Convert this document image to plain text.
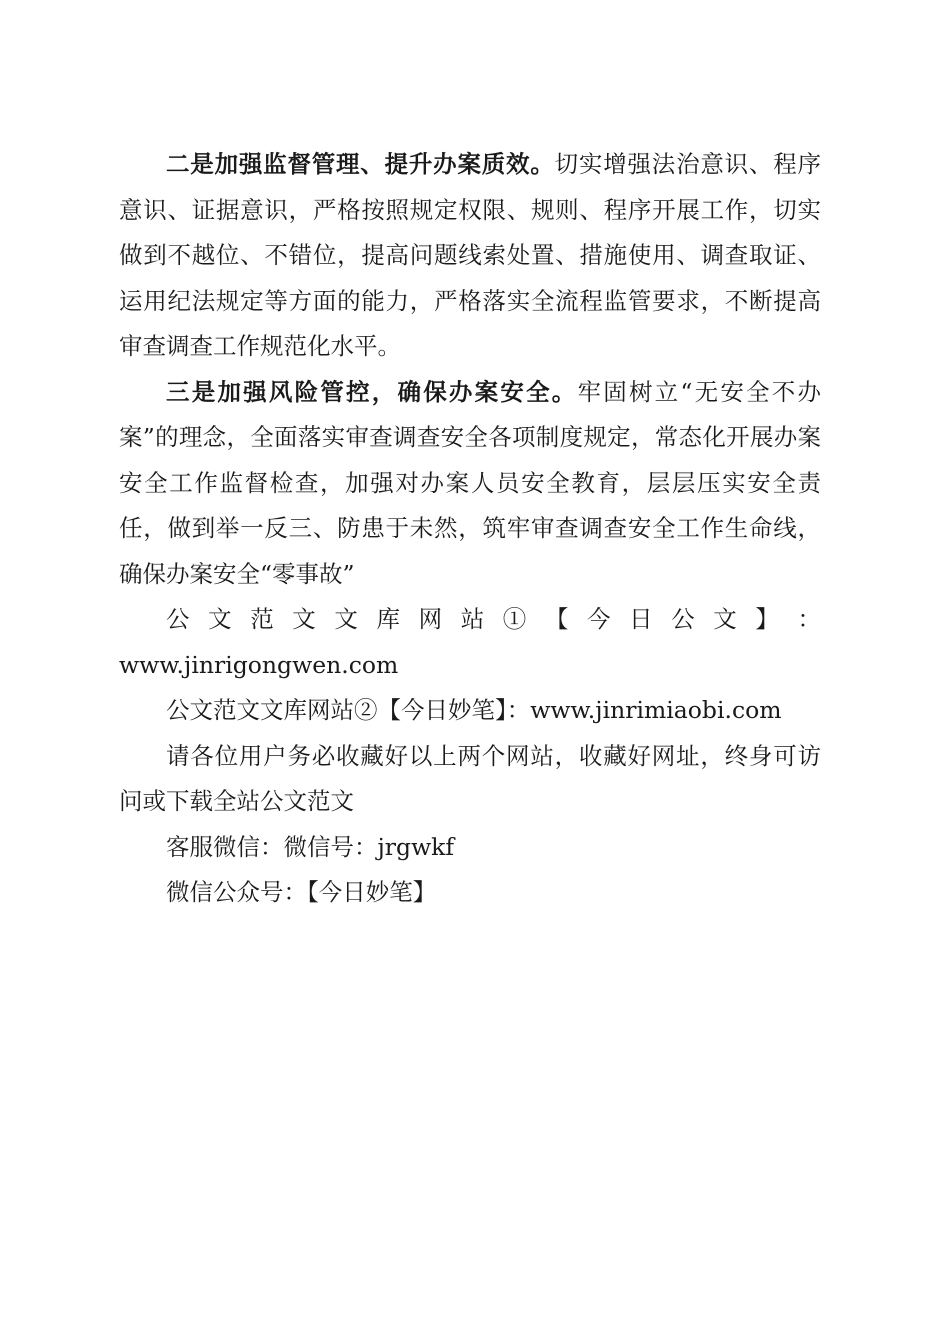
二是加强监督管理、提升办案质效。切实增强法治意识、程序意识、证据意识，严格按照规定权限、规则、程序开展工作，切实做到不越位、不错位，提高问题线索处置、措施使用、调查取证、运用纪法规定等方面的能力，严格落实全流程监管要求，不断提高审查调查工作规范化水平。

三是加强风险管控，确保办案安全。牢固树立“无安全不办案”的理念，全面落实审查调查安全各项制度规定，常态化开展办案安全工作监督检查，加强对办案人员安全教育，层层压实安全责任，做到举一反三、防患于未然，筑牢审查调查安全工作生命线，确保办案安全“零事故”

公 文 范 文 文 库 网 站 ① 【 今 日 公 文 】 ：

www.jinrigongwen.com

公文范文文库网站②【今日妙笔】：www.jinrimiaobi.com

请各位用户务必收藏好以上两个网站，收藏好网址，终身可访问或下载全站公文范文

客服微信：微信号：jrgwkf

微信公众号：【今日妙笔】
